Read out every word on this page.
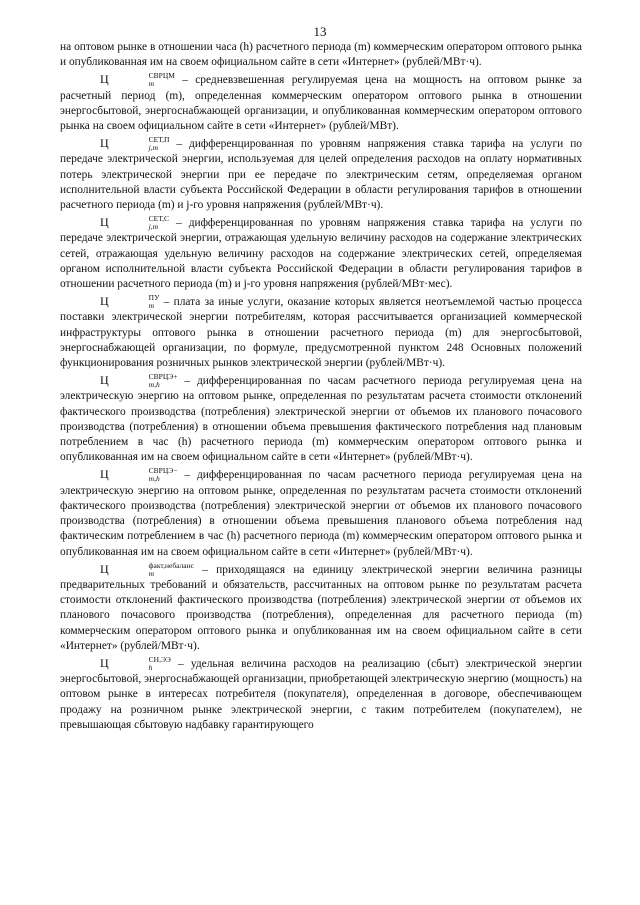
13

на оптовом рынке в отношении часа (h) расчетного периода (m) коммерческим оператором оптового рынка и опубликованная им на своем официальном сайте в сети «Интернет» (рублей/МВт·ч).

Ц	СВРЦМ
m	– средневзвешенная регулируемая цена на мощность на оптовом рынке за расчетный период (m), определенная коммерческим оператором оптового рынка в отношении энергосбытовой, энергоснабжающей организации, и опубликованная коммерческим оператором оптового рынка на своем официальном сайте в сети «Интернет» (рублей/МВт).

Ц	СЕТ,П
j,m – дифференцированная по уровням напряжения ставка тарифа на услуги по передаче электрической энергии, используемая для целей определения расходов на оплату нормативных потерь электрической энергии при ее передаче по электрическим сетям, определяемая органом исполнительной власти субъекта Российской Федерации в области регулирования тарифов в отношении расчетного периода (m) и j-го уровня напряжения (рублей/МВт·ч).

Ц	СЕТ,С
j,m – дифференцированная по уровням напряжения ставка тарифа на услуги по передаче электрической энергии, отражающая удельную величину расходов на содержание электрических сетей, отражающая удельную величину расходов на содержание электрических сетей, определяемая органом исполнительной власти субъекта Российской Федерации в области регулирования тарифов в отношении расчетного периода (m) и j-го уровня напряжения (рублей/МВт·мес).

Ц	ПУ
m – плата за иные услуги, оказание которых является неотъемлемой частью процесса поставки электрической энергии потребителям, которая рассчитывается организацией коммерческой инфраструктуры оптового рынка в отношении расчетного периода (m) для энергосбытовой, энергоснабжающей организации, по формуле, предусмотренной пунктом 248 Основных положений функционирования розничных рынков электрической энергии (рублей/МВт·ч).

Ц	СВРЦЭ+
m,h	– дифференцированная по часам расчетного периода регулируемая цена на электрическую энергию на оптовом рынке, определенная по результатам расчета стоимости отклонений фактического производства (потребления) электрической энергии от объемов их планового почасового производства (потребления) в отношении объема превышения фактического потребления над плановым потреблением в час (h) расчетного периода (m) коммерческим оператором оптового рынка и опубликованная им на своем официальном сайте в сети «Интернет» (рублей/МВт·ч).

Ц	СВРЦЭ−
m,h	– дифференцированная по часам расчетного периода регулируемая цена на электрическую энергию на оптовом рынке, определенная по результатам расчета стоимости отклонений фактического производства (потребления) электрической энергии от объемов их планового почасового производства (потребления) в отношении объема превышения планового объема потребления над фактическим потреблением в час (h) расчетного периода (m) коммерческим оператором оптового рынка и опубликованная им на своем официальном сайте в сети «Интернет» (рублей/МВт·ч).

Ц	факт,небаланс
m	– приходящаяся на единицу электрической энергии величина разницы предварительных требований и обязательств, рассчитанных на оптовом рынке по результатам расчета стоимости отклонений фактического производства (потребления) электрической энергии от объемов их планового почасового производства (потребления), определенная для расчетного периода (m) коммерческим оператором оптового рынка и опубликованная им на своем официальном сайте в сети «Интернет» (рублей/МВт·ч).

Ц	СН,ЭЭ
h	– удельная величина расходов на реализацию (сбыт) электрической энергии энергосбытовой, энергоснабжающей организации, приобретающей электрическую энергию (мощность) на оптовом рынке в интересах потребителя (покупателя), определенная в договоре, обеспечивающем продажу на розничном рынке электрической энергии, с таким потребителем (покупателем), не превышающая сбытовую надбавку гарантирующего
